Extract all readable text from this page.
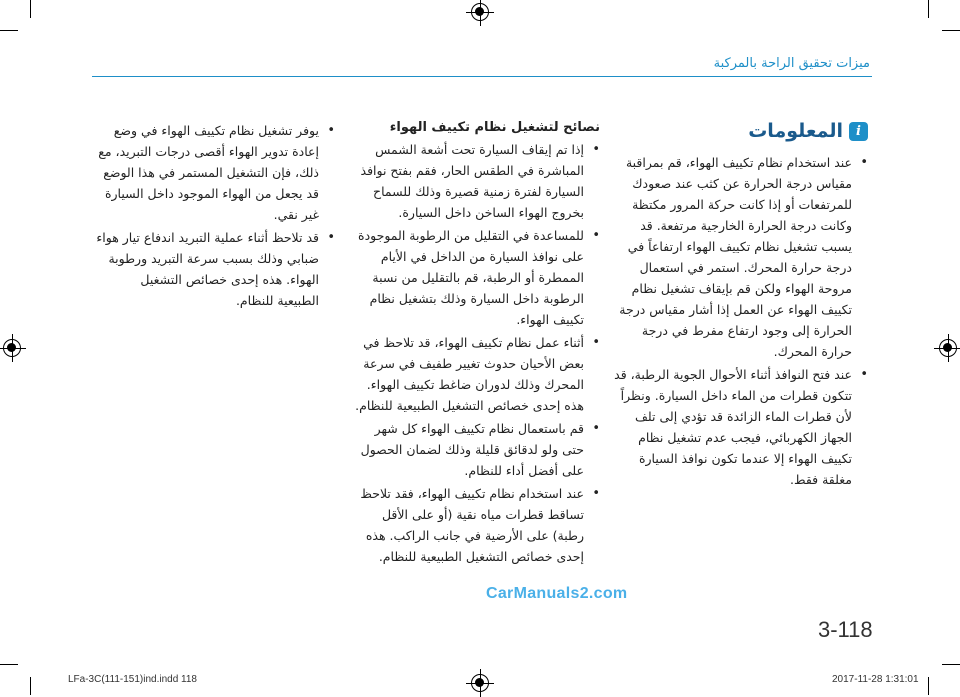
ميزات تحقيق الراحة بالمركبة
i
المعلومات
• عند استخدام نظام تكييف الهواء، قم بمراقبة مقياس درجة الحرارة عن كثب عند صعودك للمرتفعات أو إذا كانت حركة المرور مكتظة وكانت درجة الحرارة الخارجية مرتفعة. قد يسبب تشغيل نظام تكييف الهواء ارتفاعاً في درجة حرارة المحرك. استمر في استعمال مروحة الهواء ولكن قم بإيقاف تشغيل نظام تكييف الهواء عن العمل إذا أشار مقياس درجة الحرارة إلى وجود ارتفاع مفرط في درجة حرارة المحرك.
• عند فتح النوافذ أثناء الأحوال الجوية الرطبة، قد تتكون قطرات من الماء داخل السيارة. ونظراً لأن قطرات الماء الزائدة قد تؤدي إلى تلف الجهاز الكهربائي، فيجب عدم تشغيل نظام تكييف الهواء إلا عندما تكون نوافذ السيارة مغلقة فقط.
نصائح لتشغيل نظام تكييف الهواء
• إذا تم إيقاف السيارة تحت أشعة الشمس المباشرة في الطقس الحار، فقم بفتح نوافذ السيارة لفترة زمنية قصيرة وذلك للسماح بخروج الهواء الساخن داخل السيارة.
• للمساعدة في التقليل من الرطوبة الموجودة على نوافذ السيارة من الداخل في الأيام الممطرة أو الرطبة، قم بالتقليل من نسبة الرطوبة داخل السيارة وذلك بتشغيل نظام تكييف الهواء.
• أثناء عمل نظام تكييف الهواء، قد تلاحظ في بعض الأحيان حدوث تغيير طفيف في سرعة المحرك وذلك لدوران ضاغط تكييف الهواء. هذه إحدى خصائص التشغيل الطبيعية للنظام.
• قم باستعمال نظام تكييف الهواء كل شهر حتى ولو لدقائق قليلة وذلك لضمان الحصول على أفضل أداء للنظام.
• عند استخدام نظام تكييف الهواء، فقد تلاحظ تساقط قطرات مياه نقية (أو على الأقل رطبة) على الأرضية في جانب الراكب. هذه إحدى خصائص التشغيل الطبيعية للنظام.
• يوفر تشغيل نظام تكييف الهواء في وضع إعادة تدوير الهواء أقصى درجات التبريد، مع ذلك، فإن التشغيل المستمر في هذا الوضع قد يجعل من الهواء الموجود داخل السيارة غير نقي.
• قد تلاحظ أثناء عملية التبريد اندفاع تيار هواء ضبابي وذلك بسبب سرعة التبريد ورطوبة الهواء. هذه إحدى خصائص التشغيل الطبيعية للنظام.
CarManuals2.com
3-118
LFa-3C(111-151)ind.indd 118	2017-11-28 1:31:01
